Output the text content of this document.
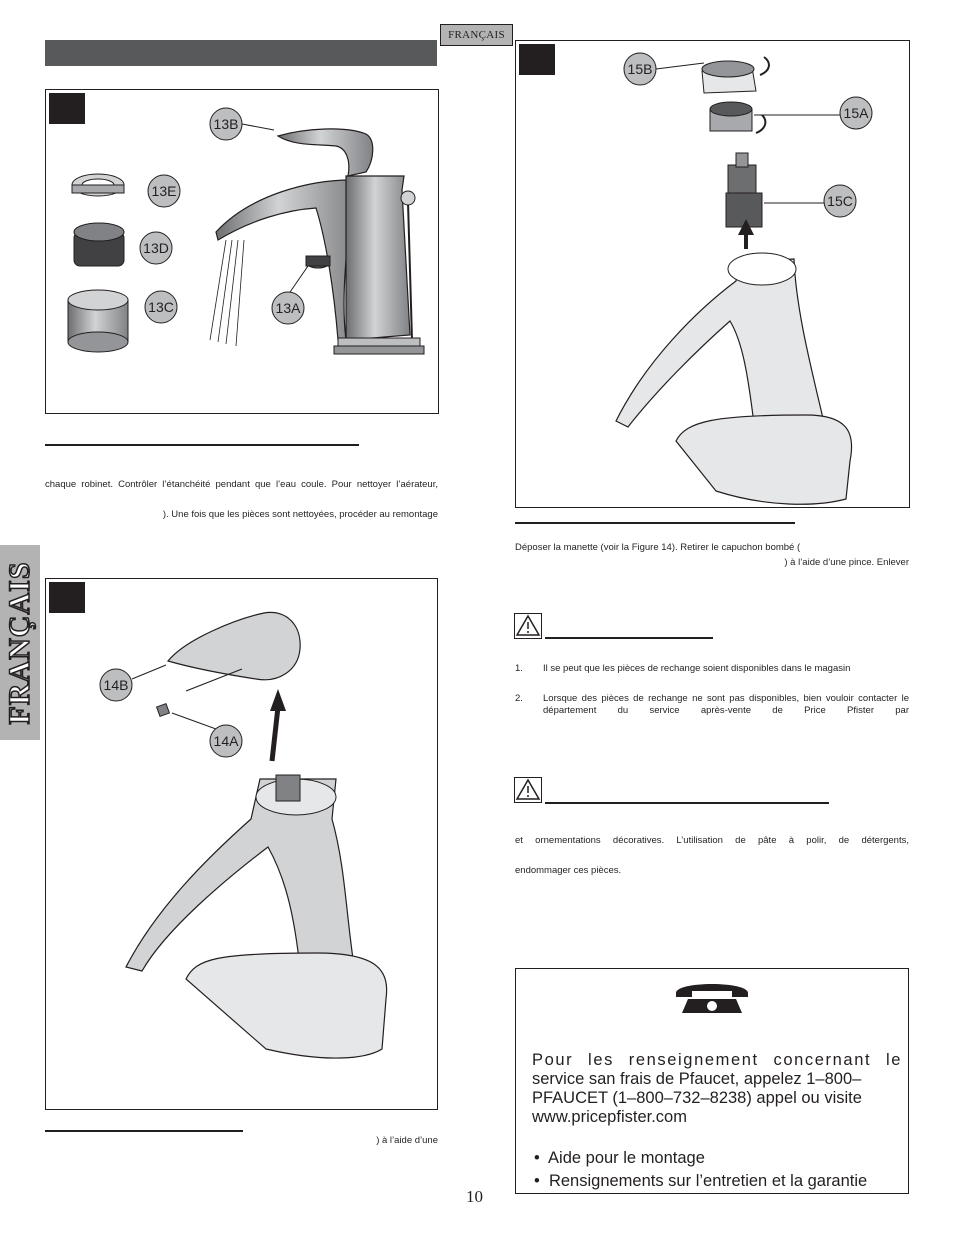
FRANÇAIS
13B
13E
13D
13C	13A
chaque robinet. Contrôler l’étanchéité pendant que l’eau coule. Pour nettoyer l’aérateur,
). Une fois que les pièces sont nettoyées, procéder au remontage
FRANÇAIS	14B
14A
) à l’aide d’une
15B
15A
15C
Déposer la manette (voir la Figure 14). Retirer le capuchon bombé (
) à l’aide d’une pince. Enlever
1. Il se peut que les pièces de rechange soient disponibles dans le magasin
2. Lorsque des pièces de rechange ne sont pas disponibles, bien vouloir contacter le département du service après-vente de Price Pfister par
et ornementations décoratives. L’utilisation de pâte à polir, de détergents,
endommager ces pièces.
Pour les renseignement concernant le
service san frais de Pfaucet, appelez 1–800–PFAUCET (1–800–732–8238) appel ou visite www.pricepfister.com
•  Aide pour le montage
•  Rensignements sur l’entretien et la garantie
10
